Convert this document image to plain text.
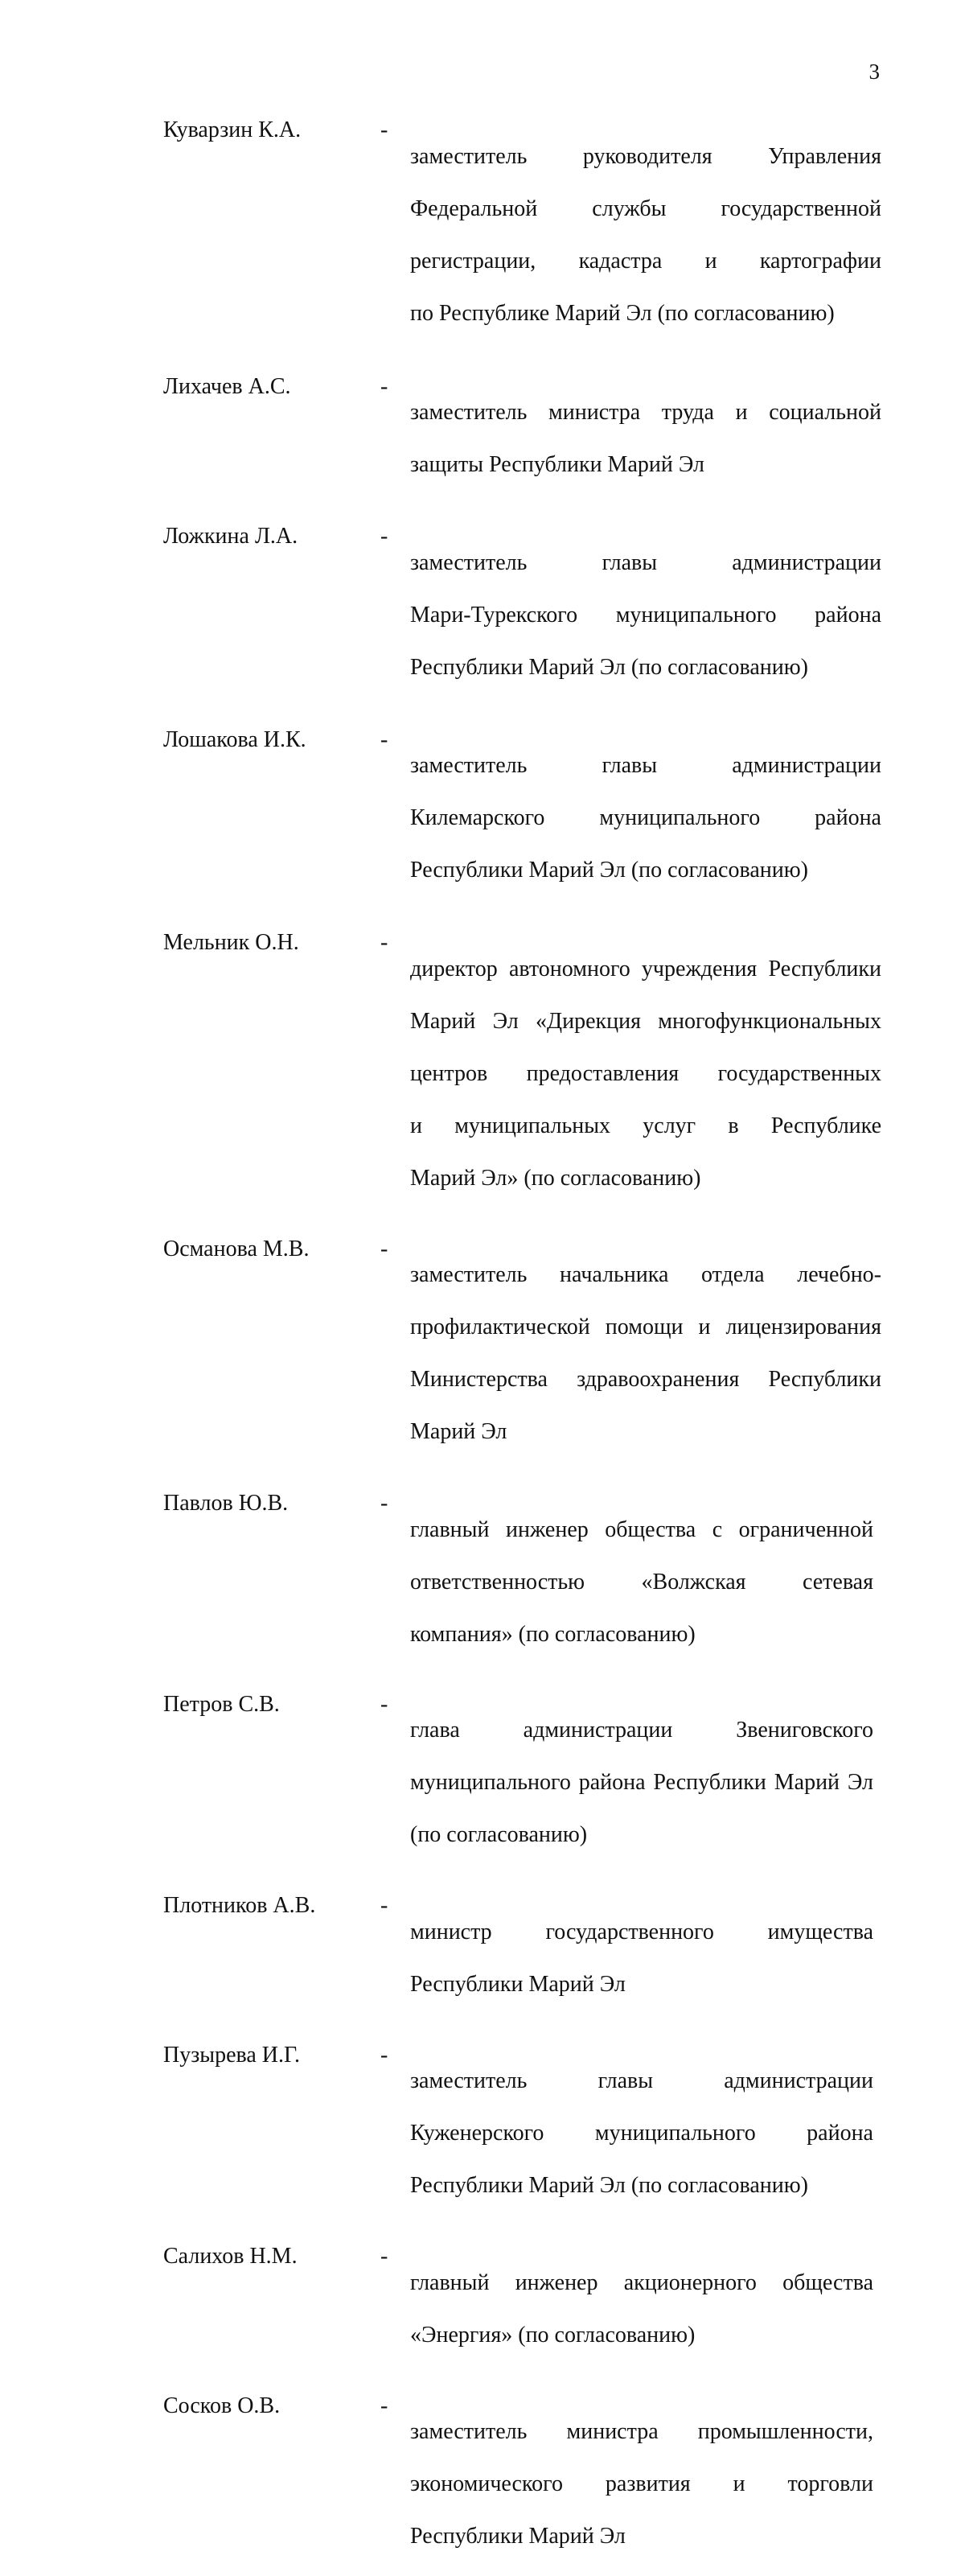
3
Куварзин К.А.	-

заместитель руководителя Управления

Федеральной службы государственной

регистрации, кадастра и картографии

по Республике Марий Эл (по согласованию)

Лихачев А.С.	-

заместитель министра труда и социальной

защиты Республики Марий Эл

Ложкина Л.А.	-

заместитель главы администрации

Мари-Турекского муниципального района

Республики Марий Эл (по согласованию)

Лошакова И.К.	-

заместитель главы администрации

Килемарского муниципального района

Республики Марий Эл (по согласованию)

Мельник О.Н.	-

директор автономного учреждения Республики

Марий Эл «Дирекция многофункциональных

центров предоставления государственных

и муниципальных услуг в Республике

Марий Эл» (по согласованию)

Османова М.В.	-

заместитель начальника отдела лечебно-

профилактической помощи и лицензирования

Министерства здравоохранения Республики

Марий Эл

Павлов Ю.В.	-

главный инженер общества с ограниченной

ответственностью «Волжская сетевая

компания» (по согласованию)

Петров С.В.	-

глава администрации Звениговского

муниципального района Республики Марий Эл

(по согласованию)

Плотников А.В.	-

министр государственного имущества

Республики Марий Эл

Пузырева И.Г.	-

заместитель главы администрации

Куженерского муниципального района

Республики Марий Эл (по согласованию)

Салихов Н.М.	-

главный инженер акционерного общества

«Энергия» (по согласованию)

Сосков О.В.	-

заместитель министра промышленности,

экономического развития и торговли

Республики Марий Эл
